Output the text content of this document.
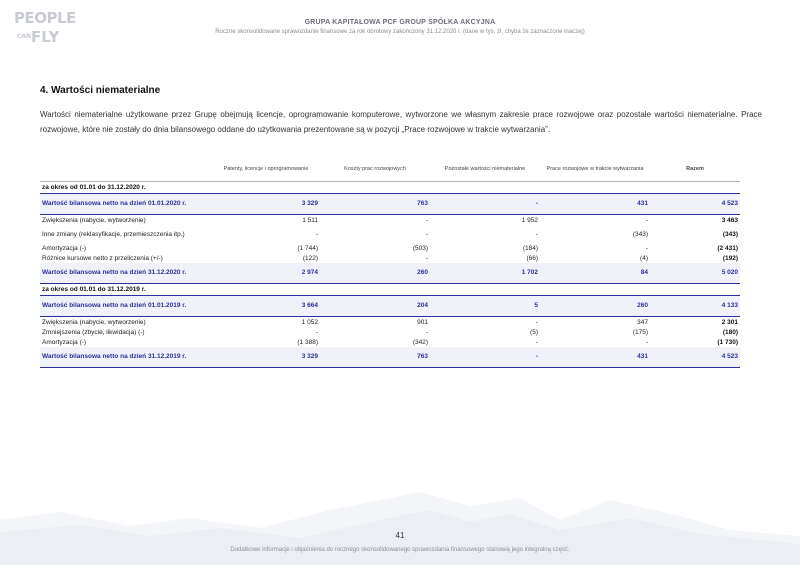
PEOPLE
CAN FLY
GRUPA KAPITAŁOWA PCF GROUP SPÓŁKA AKCYJNA
Roczne skonsolidowane sprawozdanie finansowe za rok obrotowy zakończony 31.12.2020 r. (dane w tys. zł, chyba że zaznaczone inaczej)
4. Wartości niematerialne
Wartości niematerialne użytkowane przez Grupę obejmują licencje, oprogramowanie komputerowe, wytworzone we własnym zakresie prace rozwojowe oraz pozostałe wartości niematerialne. Prace rozwojowe, które nie zostały do dnia bilansowego oddane do użytkowania prezentowane są w pozycji „Prace rozwojowe w trakcie wytwarzania”.
	Patenty, licencje i oprogramowanie	Koszty prac rozwojowych	Pozostałe wartości niematerialne	Prace rozwojowe w trakcie wytwarzania	Razem
za okres od 01.01 do 31.12.2020 r.					
Wartość bilansowa netto na dzień 01.01.2020 r.	3 329	763	-	431	4 523
Zwiększenia (nabycie, wytworzenie)	1 511	-	1 952	-	3 463
Inne zmiany (reklasyfikacje, przemieszczenia itp.)	-	-	-	(343)	(343)
Amortyzacja (-)	(1 744)	(503)	(184)	-	(2 431)
Różnice kursowe netto z przeliczenia (+/-)	(122)	-	(66)	(4)	(192)
Wartość bilansowa netto na dzień 31.12.2020 r.	2 974	260	1 702	84	5 020
za okres od 01.01 do 31.12.2019 r.					
Wartość bilansowa netto na dzień 01.01.2019 r.	3 664	204	5	260	4 133
Zwiększenia (nabycie, wytworzenie)	1 052	901	-	347	2 301
Zmniejszenia (zbycie, likwidacja) (-)	-	-	(5)	(175)	(180)
Amortyzacja (-)	(1 388)	(342)	-	-	(1 730)
Wartość bilansowa netto na dzień 31.12.2019 r.	3 329	763	-	431	4 523
41
Dodatkowe informacje i objaśnienia do rocznego skonsolidowanego sprawozdania finansowego stanowią jego integralną część.
